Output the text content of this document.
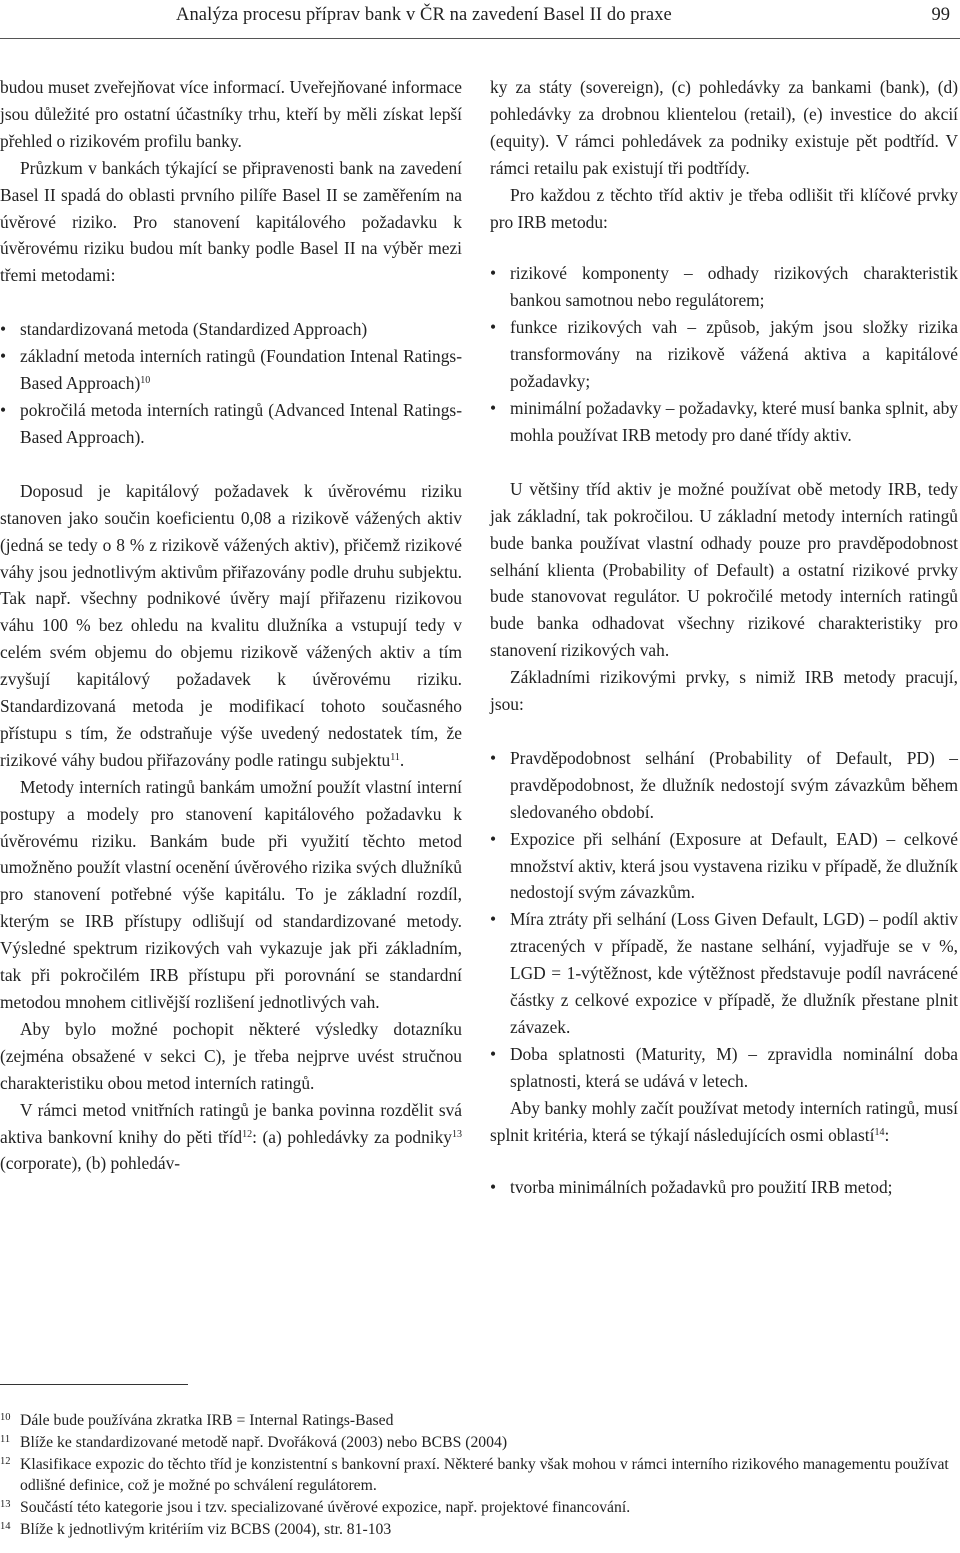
Analýza procesu příprav bank v ČR na zavedení Basel II do praxe	99

budou muset zveřejňovat více informací. Uveřejňované informace jsou důležité pro ostatní účastníky trhu, kteří by měli získat lepší přehled o rizikovém profilu banky.

Průzkum v bankách týkající se připravenosti bank na zavedení Basel II spadá do oblasti prvního pilíře Basel II se zaměřením na úvěrové riziko. Pro stanovení kapitálového požadavku k úvěrovému riziku budou mít banky podle Basel II na výběr mezi třemi metodami:

• standardizovaná metoda (Standardized Approach)
• základní metoda interních ratingů (Foundation Intenal Ratings-Based Approach)$^{10}$
• pokročilá metoda interních ratingů (Advanced Intenal Ratings-Based Approach).

Doposud je kapitálový požadavek k úvěrovému riziku stanoven jako součin koeficientu 0,08 a rizikově vážených aktiv (jedná se tedy o 8 % z rizikově vážených aktiv), přičemž rizikové váhy jsou jednotlivým aktivům přiřazovány podle druhu subjektu. Tak např. všechny podnikové úvěry mají přiřazenu rizikovou váhu 100 % bez ohledu na kvalitu dlužníka a vstupují tedy v celém svém objemu do objemu rizikově vážených aktiv a tím zvyšují kapitálový požadavek k úvěrovému riziku. Standardizovaná metoda je modifikací tohoto současného přístupu s tím, že odstraňuje výše uvedený nedostatek tím, že rizikové váhy budou přiřazovány podle ratingu subjektu$^{11}$.

Metody interních ratingů bankám umožní použít vlastní interní postupy a modely pro stanovení kapitálového požadavku k úvěrovému riziku. Bankám bude při využití těchto metod umožněno použít vlastní ocenění úvěrového rizika svých dlužníků pro stanovení potřebné výše kapitálu. To je základní rozdíl, kterým se IRB přístupy odlišují od standardizované metody. Výsledné spektrum rizikových vah vykazuje jak při základním, tak při pokročilém IRB přístupu při porovnání se standardní metodou mnohem citlivější rozlišení jednotlivých vah.

Aby bylo možné pochopit některé výsledky dotazníku (zejména obsažené v sekci C), je třeba nejprve uvést stručnou charakteristiku obou metod interních ratingů.

V rámci metod vnitřních ratingů je banka povinna rozdělit svá aktiva bankovní knihy do pěti tříd$^{12}$: (a) pohledávky za podniky$^{13}$ (corporate), (b) pohledáv-

ky za státy (sovereign), (c) pohledávky za bankami (bank), (d) pohledávky za drobnou klientelou (retail), (e) investice do akcií (equity). V rámci pohledávek za podniky existuje pět podtříd. V rámci retailu pak existují tři podtřídy.

Pro každou z těchto tříd aktiv je třeba odlišit tři klíčové prvky pro IRB metodu:

• rizikové komponenty – odhady rizikových charakteristik bankou samotnou nebo regulátorem;
• funkce rizikových vah – způsob, jakým jsou složky rizika transformovány na rizikově vážená aktiva a kapitálové požadavky;
• minimální požadavky – požadavky, které musí banka splnit, aby mohla používat IRB metody pro dané třídy aktiv.

U většiny tříd aktiv je možné používat obě metody IRB, tedy jak základní, tak pokročilou. U základní metody interních ratingů bude banka používat vlastní odhady pouze pro pravděpodobnost selhání klienta (Probability of Default) a ostatní rizikové prvky bude stanovovat regulátor. U pokročilé metody interních ratingů bude banka odhadovat všechny rizikové charakteristiky pro stanovení rizikových vah.

Základními rizikovými prvky, s nimiž IRB metody pracují, jsou:

• Pravděpodobnost selhání (Probability of Default, PD) – pravděpodobnost, že dlužník nedostojí svým závazkům během sledovaného období.
• Expozice při selhání (Exposure at Default, EAD) – celkové množství aktiv, která jsou vystavena riziku v případě, že dlužník nedostojí svým závazkům.
• Míra ztráty při selhání (Loss Given Default, LGD) – podíl aktiv ztracených v případě, že nastane selhání, vyjadřuje se v %, LGD = 1-výtěžnost, kde výtěžnost představuje podíl navrácené částky z celkové expozice v případě, že dlužník přestane plnit závazek.
• Doba splatnosti (Maturity, M) – zpravidla nominální doba splatnosti, která se udává v letech.

Aby banky mohly začít používat metody interních ratingů, musí splnit kritéria, která se týkají následujících osmi oblastí$^{14}$:

• tvorba minimálních požadavků pro použití IRB metod;
10 Dále bude používána zkratka IRB = Internal Ratings-Based
11 Blíže ke standardizované metodě např. Dvořáková (2003) nebo BCBS (2004)
12 Klasifikace expozic do těchto tříd je konzistentní s bankovní praxí. Některé banky však mohou v rámci interního rizikového managementu používat odlišné definice, což je možné po schválení regulátorem.
13 Součástí této kategorie jsou i tzv. specializované úvěrové expozice, např. projektové financování.
14 Blíže k jednotlivým kritériím viz BCBS (2004), str. 81-103
